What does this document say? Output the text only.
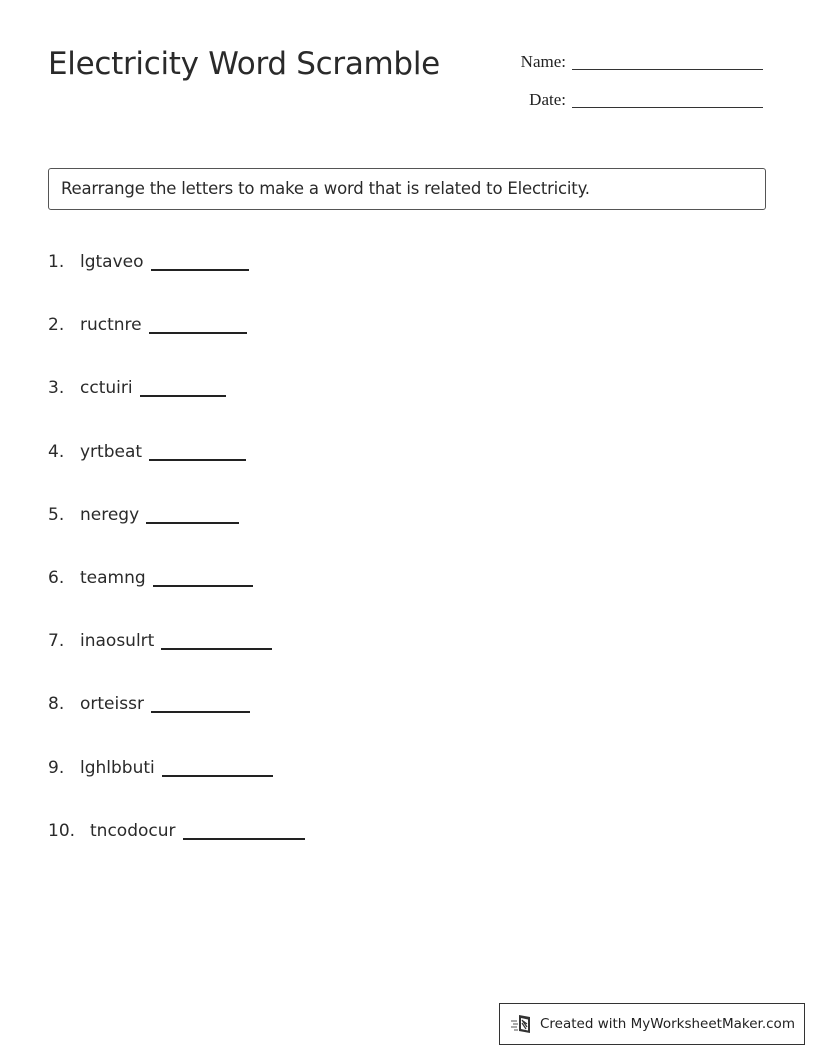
Electricity Word Scramble	Name:
Date:
Rearrange the letters to make a word that is related to Electricity.
1. lgtaveo
2. ructnre
3. cctuiri
4. yrtbeat
5. neregy
6. teamng
7. inaosulrt
8. orteissr
9. lghlbbuti
10. tncodocur
Created with MyWorksheetMaker.com
